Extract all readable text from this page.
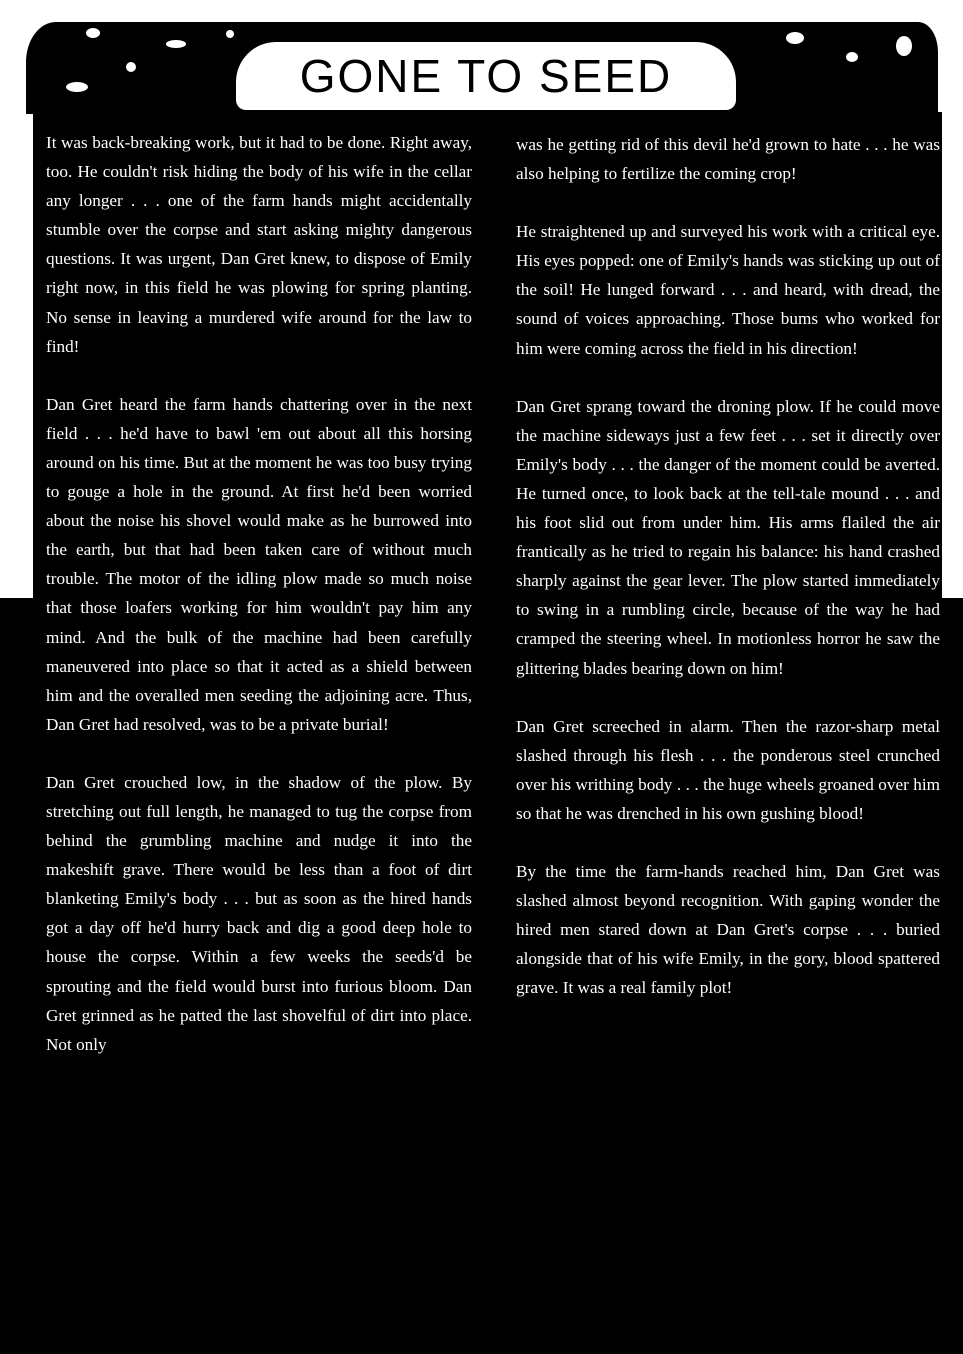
GONE TO SEED

It was back-breaking work, but it had to be done. Right away, too. He couldn't risk hiding the body of his wife in the cellar any longer . . . one of the farm hands might accidentally stumble over the corpse and start asking mighty dangerous questions. It was urgent, Dan Gret knew, to dispose of Emily right now, in this field he was plowing for spring planting. No sense in leaving a murdered wife around for the law to find!

Dan Gret heard the farm hands chattering over in the next field . . . he'd have to bawl 'em out about all this horsing around on his time. But at the moment he was too busy trying to gouge a hole in the ground. At first he'd been worried about the noise his shovel would make as he burrowed into the earth, but that had been taken care of without much trouble. The motor of the idling plow made so much noise that those loafers working for him wouldn't pay him any mind. And the bulk of the machine had been carefully maneuvered into place so that it acted as a shield between him and the overalled men seeding the adjoining acre. Thus, Dan Gret had resolved, was to be a private burial!

Dan Gret crouched low, in the shadow of the plow. By stretching out full length, he managed to tug the corpse from behind the grumbling machine and nudge it into the makeshift grave. There would be less than a foot of dirt blanketing Emily's body . . . but as soon as the hired hands got a day off he'd hurry back and dig a good deep hole to house the corpse. Within a few weeks the seeds'd be sprouting and the field would burst into furious bloom. Dan Gret grinned as he patted the last shovelful of dirt into place. Not only

was he getting rid of this devil he'd grown to hate . . . he was also helping to fertilize the coming crop!

He straightened up and surveyed his work with a critical eye. His eyes popped: one of Emily's hands was sticking up out of the soil! He lunged forward . . . and heard, with dread, the sound of voices approaching. Those bums who worked for him were coming across the field in his direction!

Dan Gret sprang toward the droning plow. If he could move the machine sideways just a few feet . . . set it directly over Emily's body . . . the danger of the moment could be averted. He turned once, to look back at the tell-tale mound . . . and his foot slid out from under him. His arms flailed the air frantically as he tried to regain his balance: his hand crashed sharply against the gear lever. The plow started immediately to swing in a rumbling circle, because of the way he had cramped the steering wheel. In motionless horror he saw the glittering blades bearing down on him!

Dan Gret screeched in alarm. Then the razor-sharp metal slashed through his flesh . . . the ponderous steel crunched over his writhing body . . . the huge wheels groaned over him so that he was drenched in his own gushing blood!

By the time the farm-hands reached him, Dan Gret was slashed almost beyond recognition. With gaping wonder the hired men stared down at Dan Gret's corpse . . . buried alongside that of his wife Emily, in the gory, blood spattered grave. It was a real family plot!
